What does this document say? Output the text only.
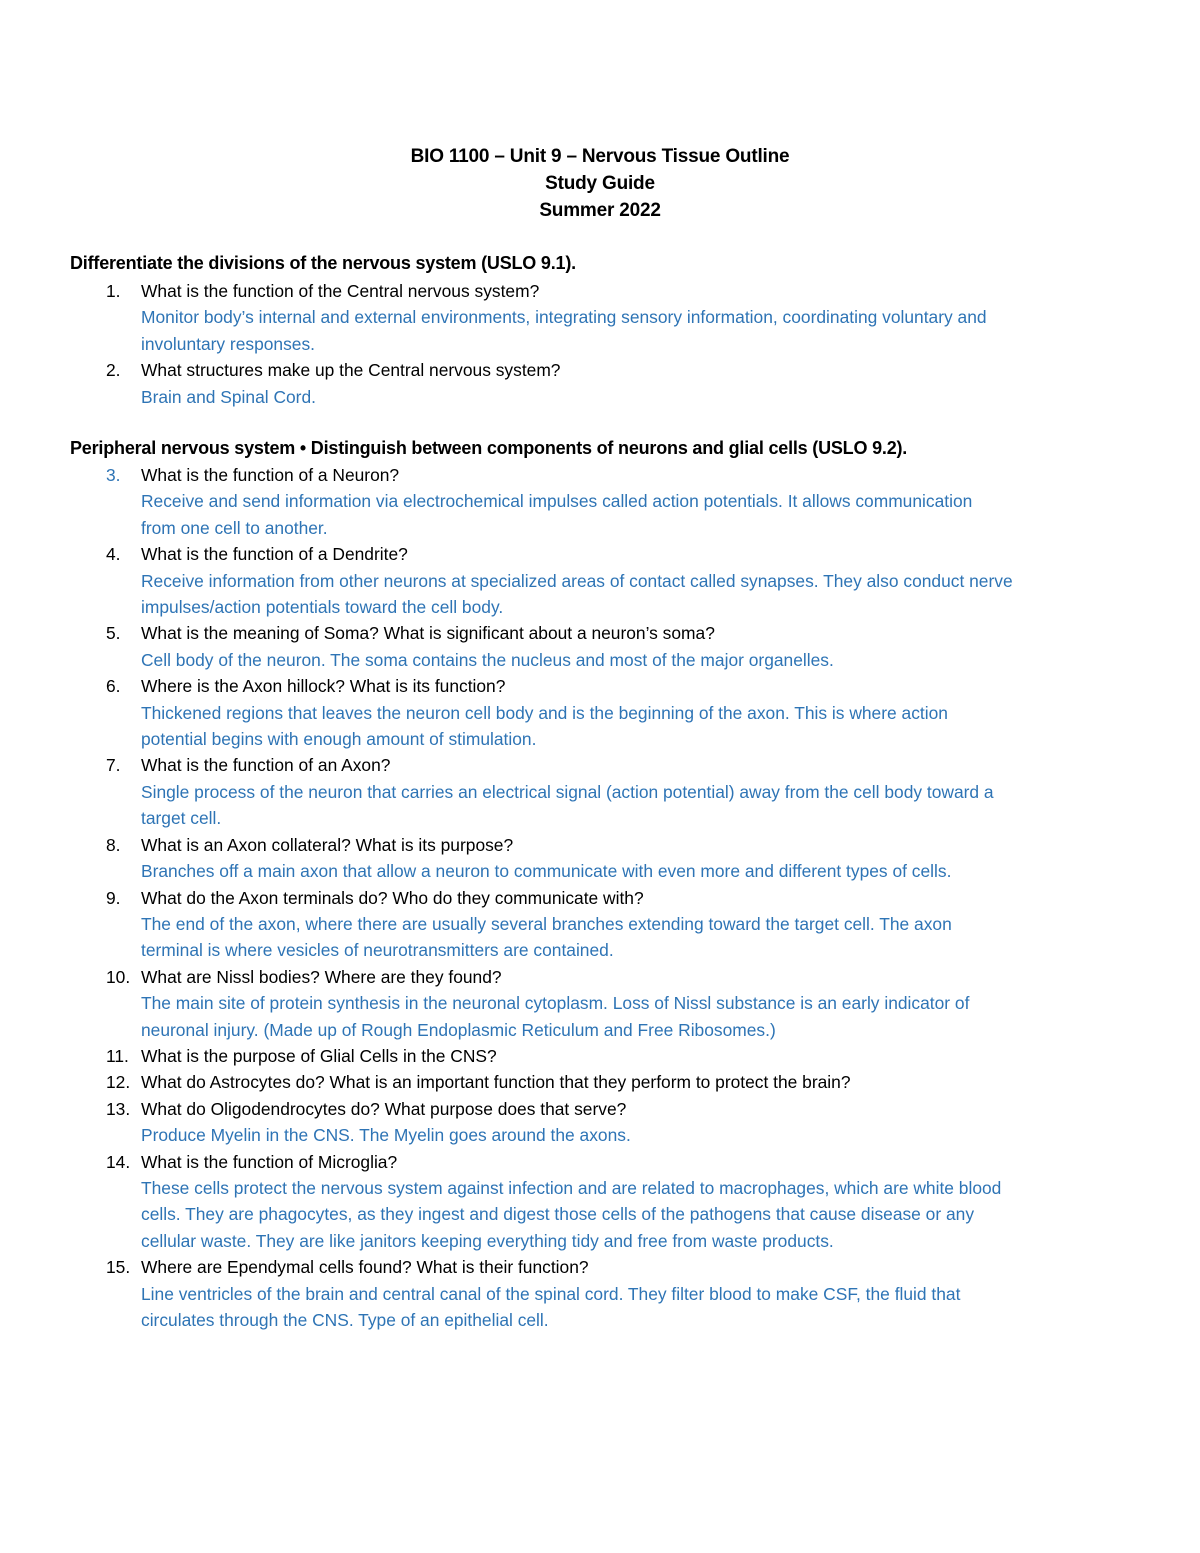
BIO 1100 – Unit 9 – Nervous Tissue Outline
Study Guide
Summer 2022
Differentiate the divisions of the nervous system (USLO 9.1).
1. What is the function of the Central nervous system?
Monitor body’s internal and external environments, integrating sensory information, coordinating voluntary and
involuntary responses.
2. What structures make up the Central nervous system?
Brain and Spinal Cord.
Peripheral nervous system • Distinguish between components of neurons and glial cells (USLO 9.2).
3. What is the function of a Neuron?
Receive and send information via electrochemical impulses called action potentials. It allows communication
from one cell to another.
4. What is the function of a Dendrite?
Receive information from other neurons at specialized areas of contact called synapses. They also conduct nerve
impulses/action potentials toward the cell body.
5. What is the meaning of Soma? What is significant about a neuron’s soma?
Cell body of the neuron. The soma contains the nucleus and most of the major organelles.
6. Where is the Axon hillock? What is its function?
Thickened regions that leaves the neuron cell body and is the beginning of the axon. This is where action
potential begins with enough amount of stimulation.
7. What is the function of an Axon?
Single process of the neuron that carries an electrical signal (action potential) away from the cell body toward a
target cell.
8. What is an Axon collateral? What is its purpose?
Branches off a main axon that allow a neuron to communicate with even more and different types of cells.
9. What do the Axon terminals do? Who do they communicate with?
The end of the axon, where there are usually several branches extending toward the target cell. The axon
terminal is where vesicles of neurotransmitters are contained.
10. What are Nissl bodies? Where are they found?
The main site of protein synthesis in the neuronal cytoplasm. Loss of Nissl substance is an early indicator of
neuronal injury. (Made up of Rough Endoplasmic Reticulum and Free Ribosomes.)
11. What is the purpose of Glial Cells in the CNS?
12. What do Astrocytes do? What is an important function that they perform to protect the brain?
13. What do Oligodendrocytes do? What purpose does that serve?
Produce Myelin in the CNS. The Myelin goes around the axons.
14. What is the function of Microglia?
These cells protect the nervous system against infection and are related to macrophages, which are white blood
cells. They are phagocytes, as they ingest and digest those cells of the pathogens that cause disease or any
cellular waste. They are like janitors keeping everything tidy and free from waste products.
15. Where are Ependymal cells found? What is their function?
Line ventricles of the brain and central canal of the spinal cord. They filter blood to make CSF, the fluid that
circulates through the CNS. Type of an epithelial cell.
